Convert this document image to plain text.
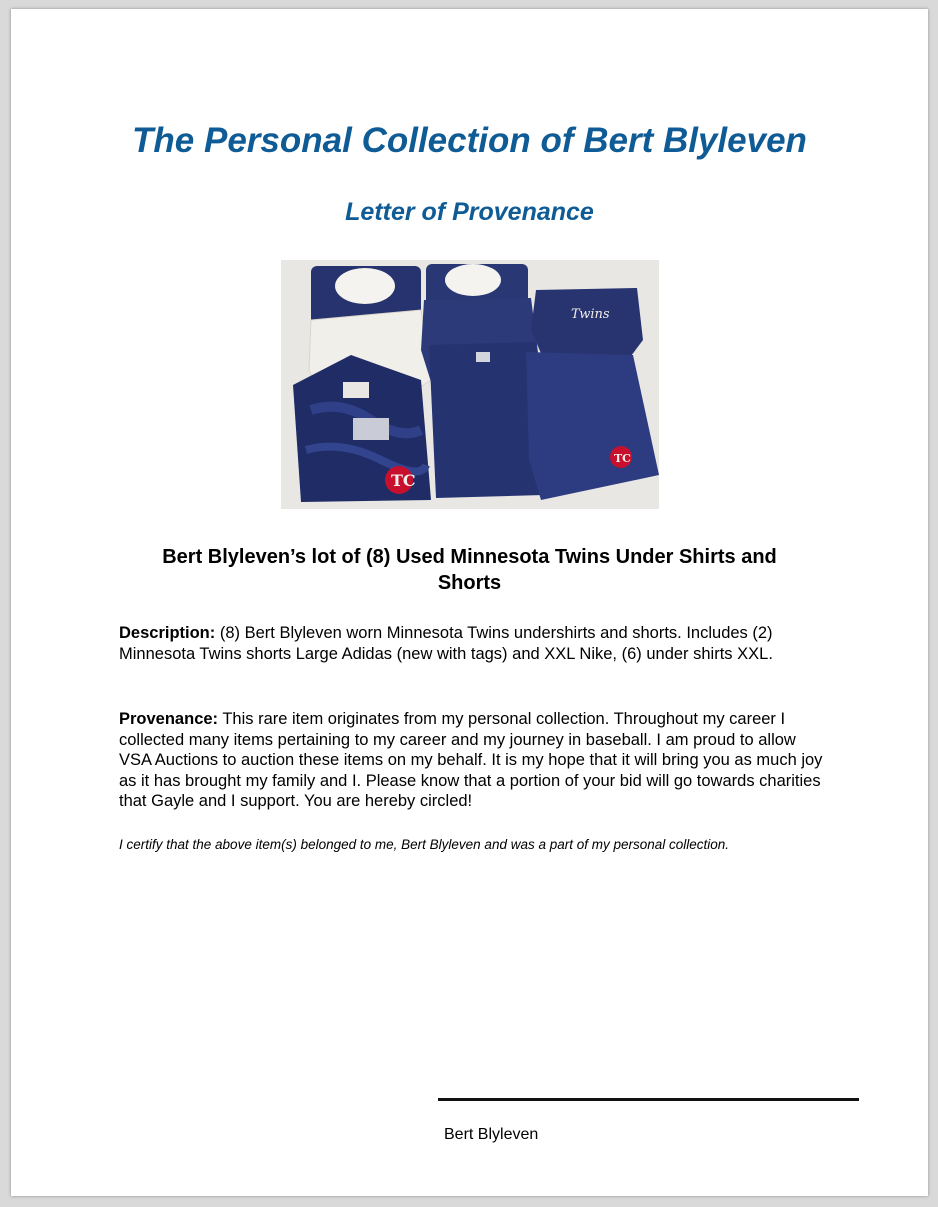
The Personal Collection of Bert Blyleven
Letter of Provenance
Twins
TC
TC
Bert Blyleven’s lot of (8) Used Minnesota Twins Under Shirts and Shorts

Description: (8) Bert Blyleven worn Minnesota Twins undershirts and shorts. Includes (2) Minnesota Twins shorts Large Adidas (new with tags) and XXL Nike, (6) under shirts XXL.

Provenance: This rare item originates from my personal collection. Throughout my career I collected many items pertaining to my career and my journey in baseball. I am proud to allow VSA Auctions to auction these items on my behalf. It is my hope that it will bring you as much joy as it has brought my family and I. Please know that a portion of your bid will go towards charities that Gayle and I support. You are hereby circled!

I certify that the above item(s) belonged to me, Bert Blyleven and was a part of my personal collection.

Bert Blyleven
